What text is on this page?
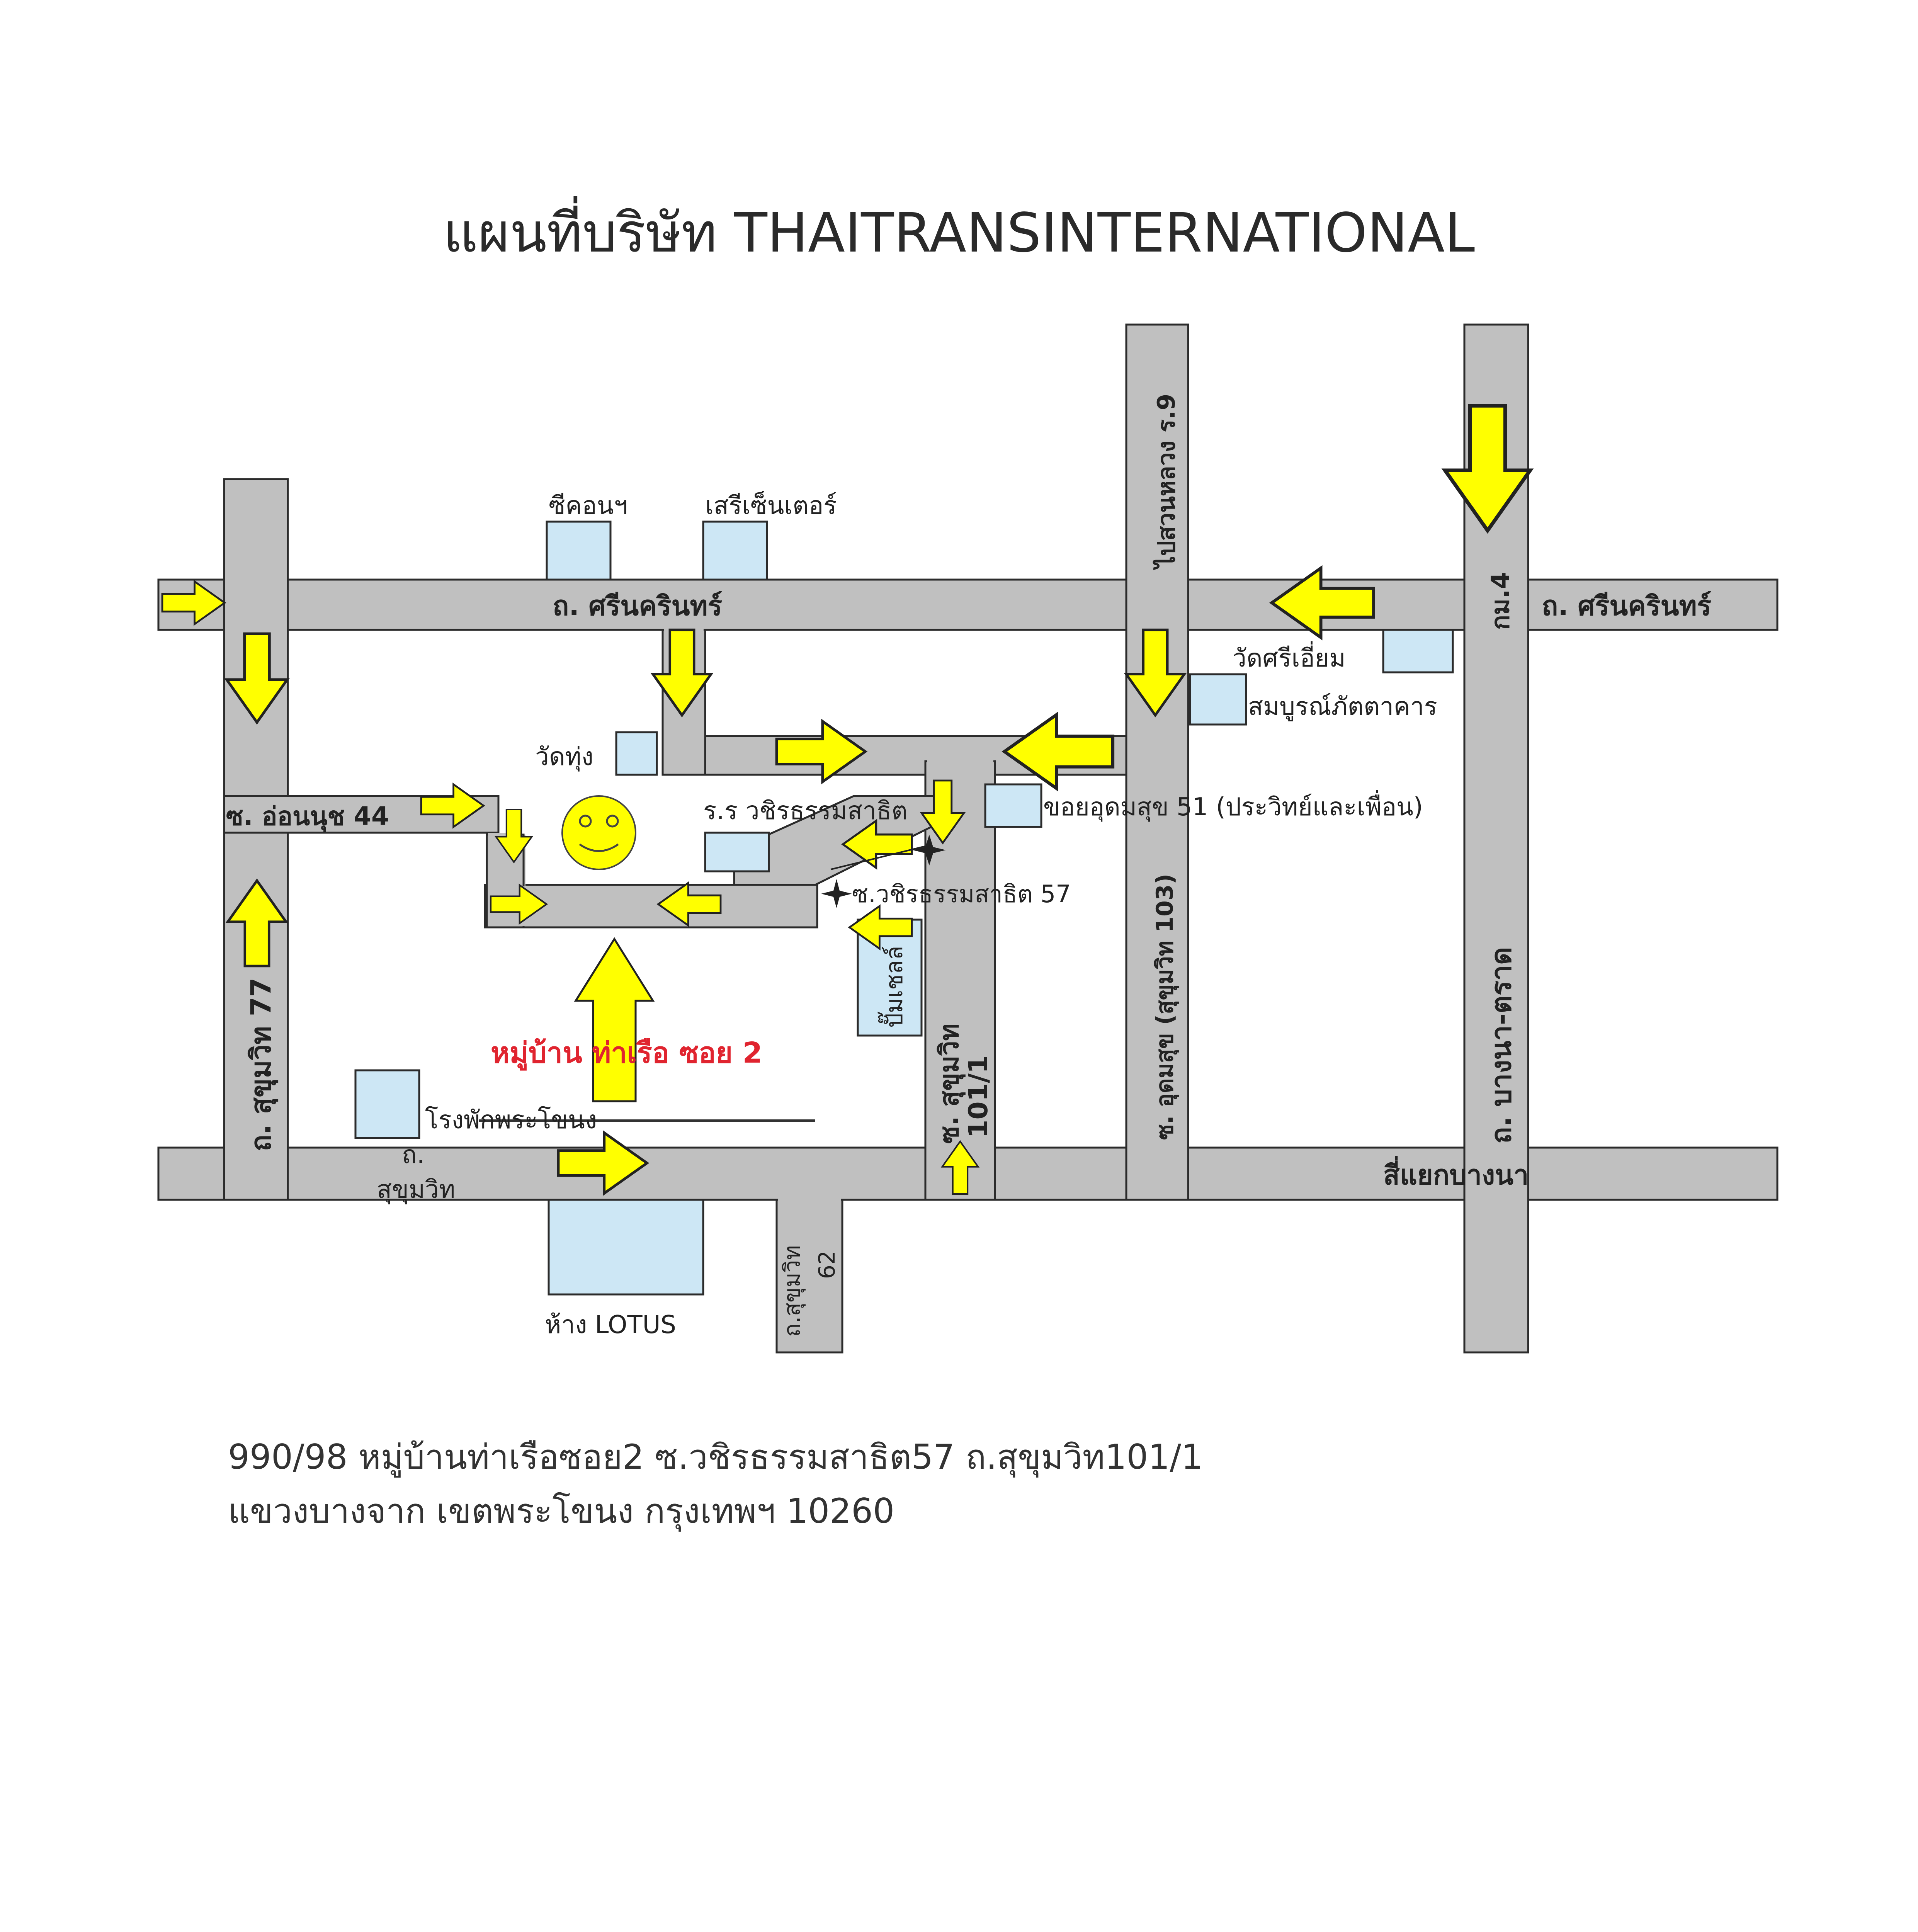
แผนที่บริษัท THAITRANSINTERNATIONAL
ถ. ศรีนครินทร์	ถ. ศรีนครินทร์
ซ. อ่อนนุช 44
ถ. สุขุมวิท 77	ซ. สุขุมวิท
101/1	ซ. อุดมสุข (สุขุมวิท 103)
ไปสวนหลวง ร.9
กม.4
ถ. บางนา-ตราด
ถ.สุขุมวิท 62
ถ.
สุขุมวิท	สี่แยกบางนา
ซ.วชิรธรรมสาธิต 57
ขอยอุดมสุข 51 (ประวิทย์และเพื่อน)
ซีคอนฯ	เสรีเซ็นเตอร์
วัดทุ่ง
ร.ร วชิรธรรมสาธิต
วัดศรีเอี่ยม
สมบูรณ์ภัตตาคาร
ปั๊มเชลล์
โรงพักพระโขนง
ห้าง LOTUS
หมู่บ้าน ท่าเรือ ซอย 2
990/98 หมู่บ้านท่าเรือซอย2 ซ.วชิรธรรมสาธิต57 ถ.สุขุมวิท101/1
แขวงบางจาก เขตพระโขนง กรุงเทพฯ 10260
